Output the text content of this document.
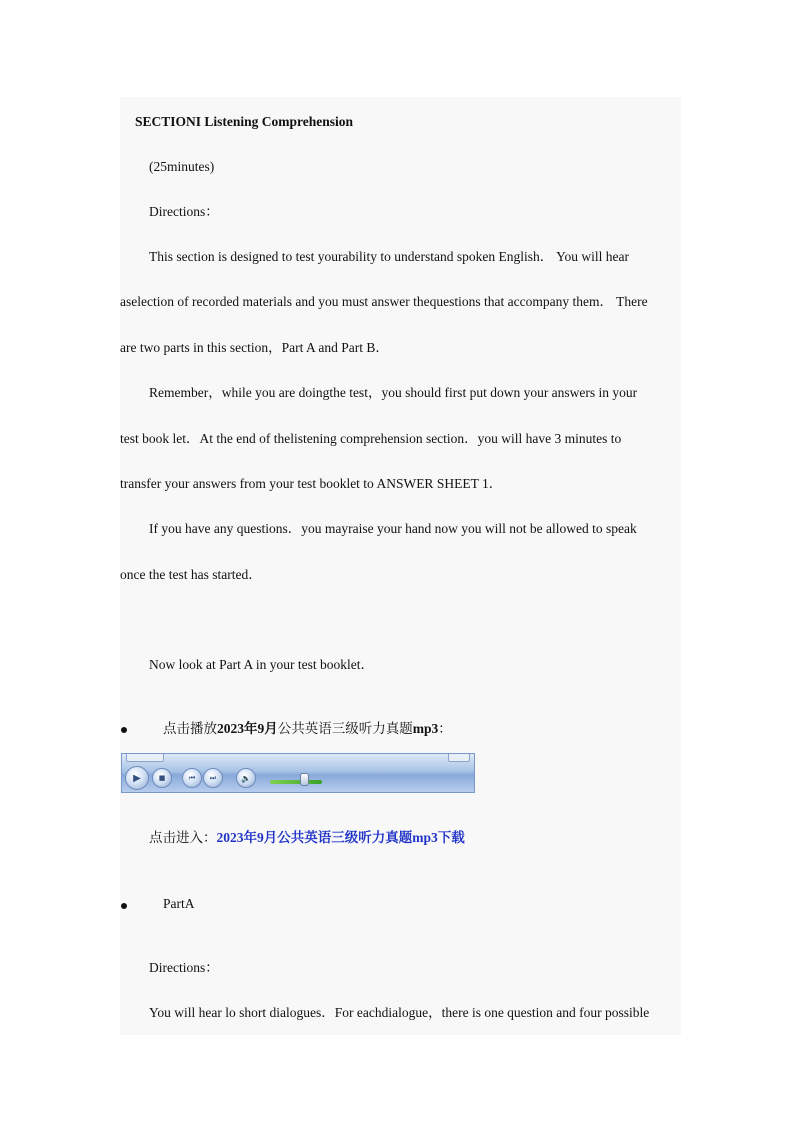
SECTIONI Listening Comprehension
(25minutes)
Directions：
This section is designed to test yourability to understand spoken English． You will hear
aselection of recorded materials and you must answer thequestions that accompany them． There
are two parts in this section，Part A and Part B．
Remember，while you are doingthe test，you should first put down your answers in your
test book let．At the end of thelistening comprehension section．you will have 3 minutes to
transfer your answers from your test booklet to ANSWER SHEET 1．
If you have any questions．you mayraise your hand now you will not be allowed to speak
once the test has started．
Now look at Part A in your test booklet．
点击播放2023年9月公共英语三级听力真题mp3：
▶	■	⏮	⏭	🔈
点击进入：2023年9月公共英语三级听力真题mp3下载
PartA
Directions：
You will hear lo short dialogues．For eachdialogue，there is one question and four possible
